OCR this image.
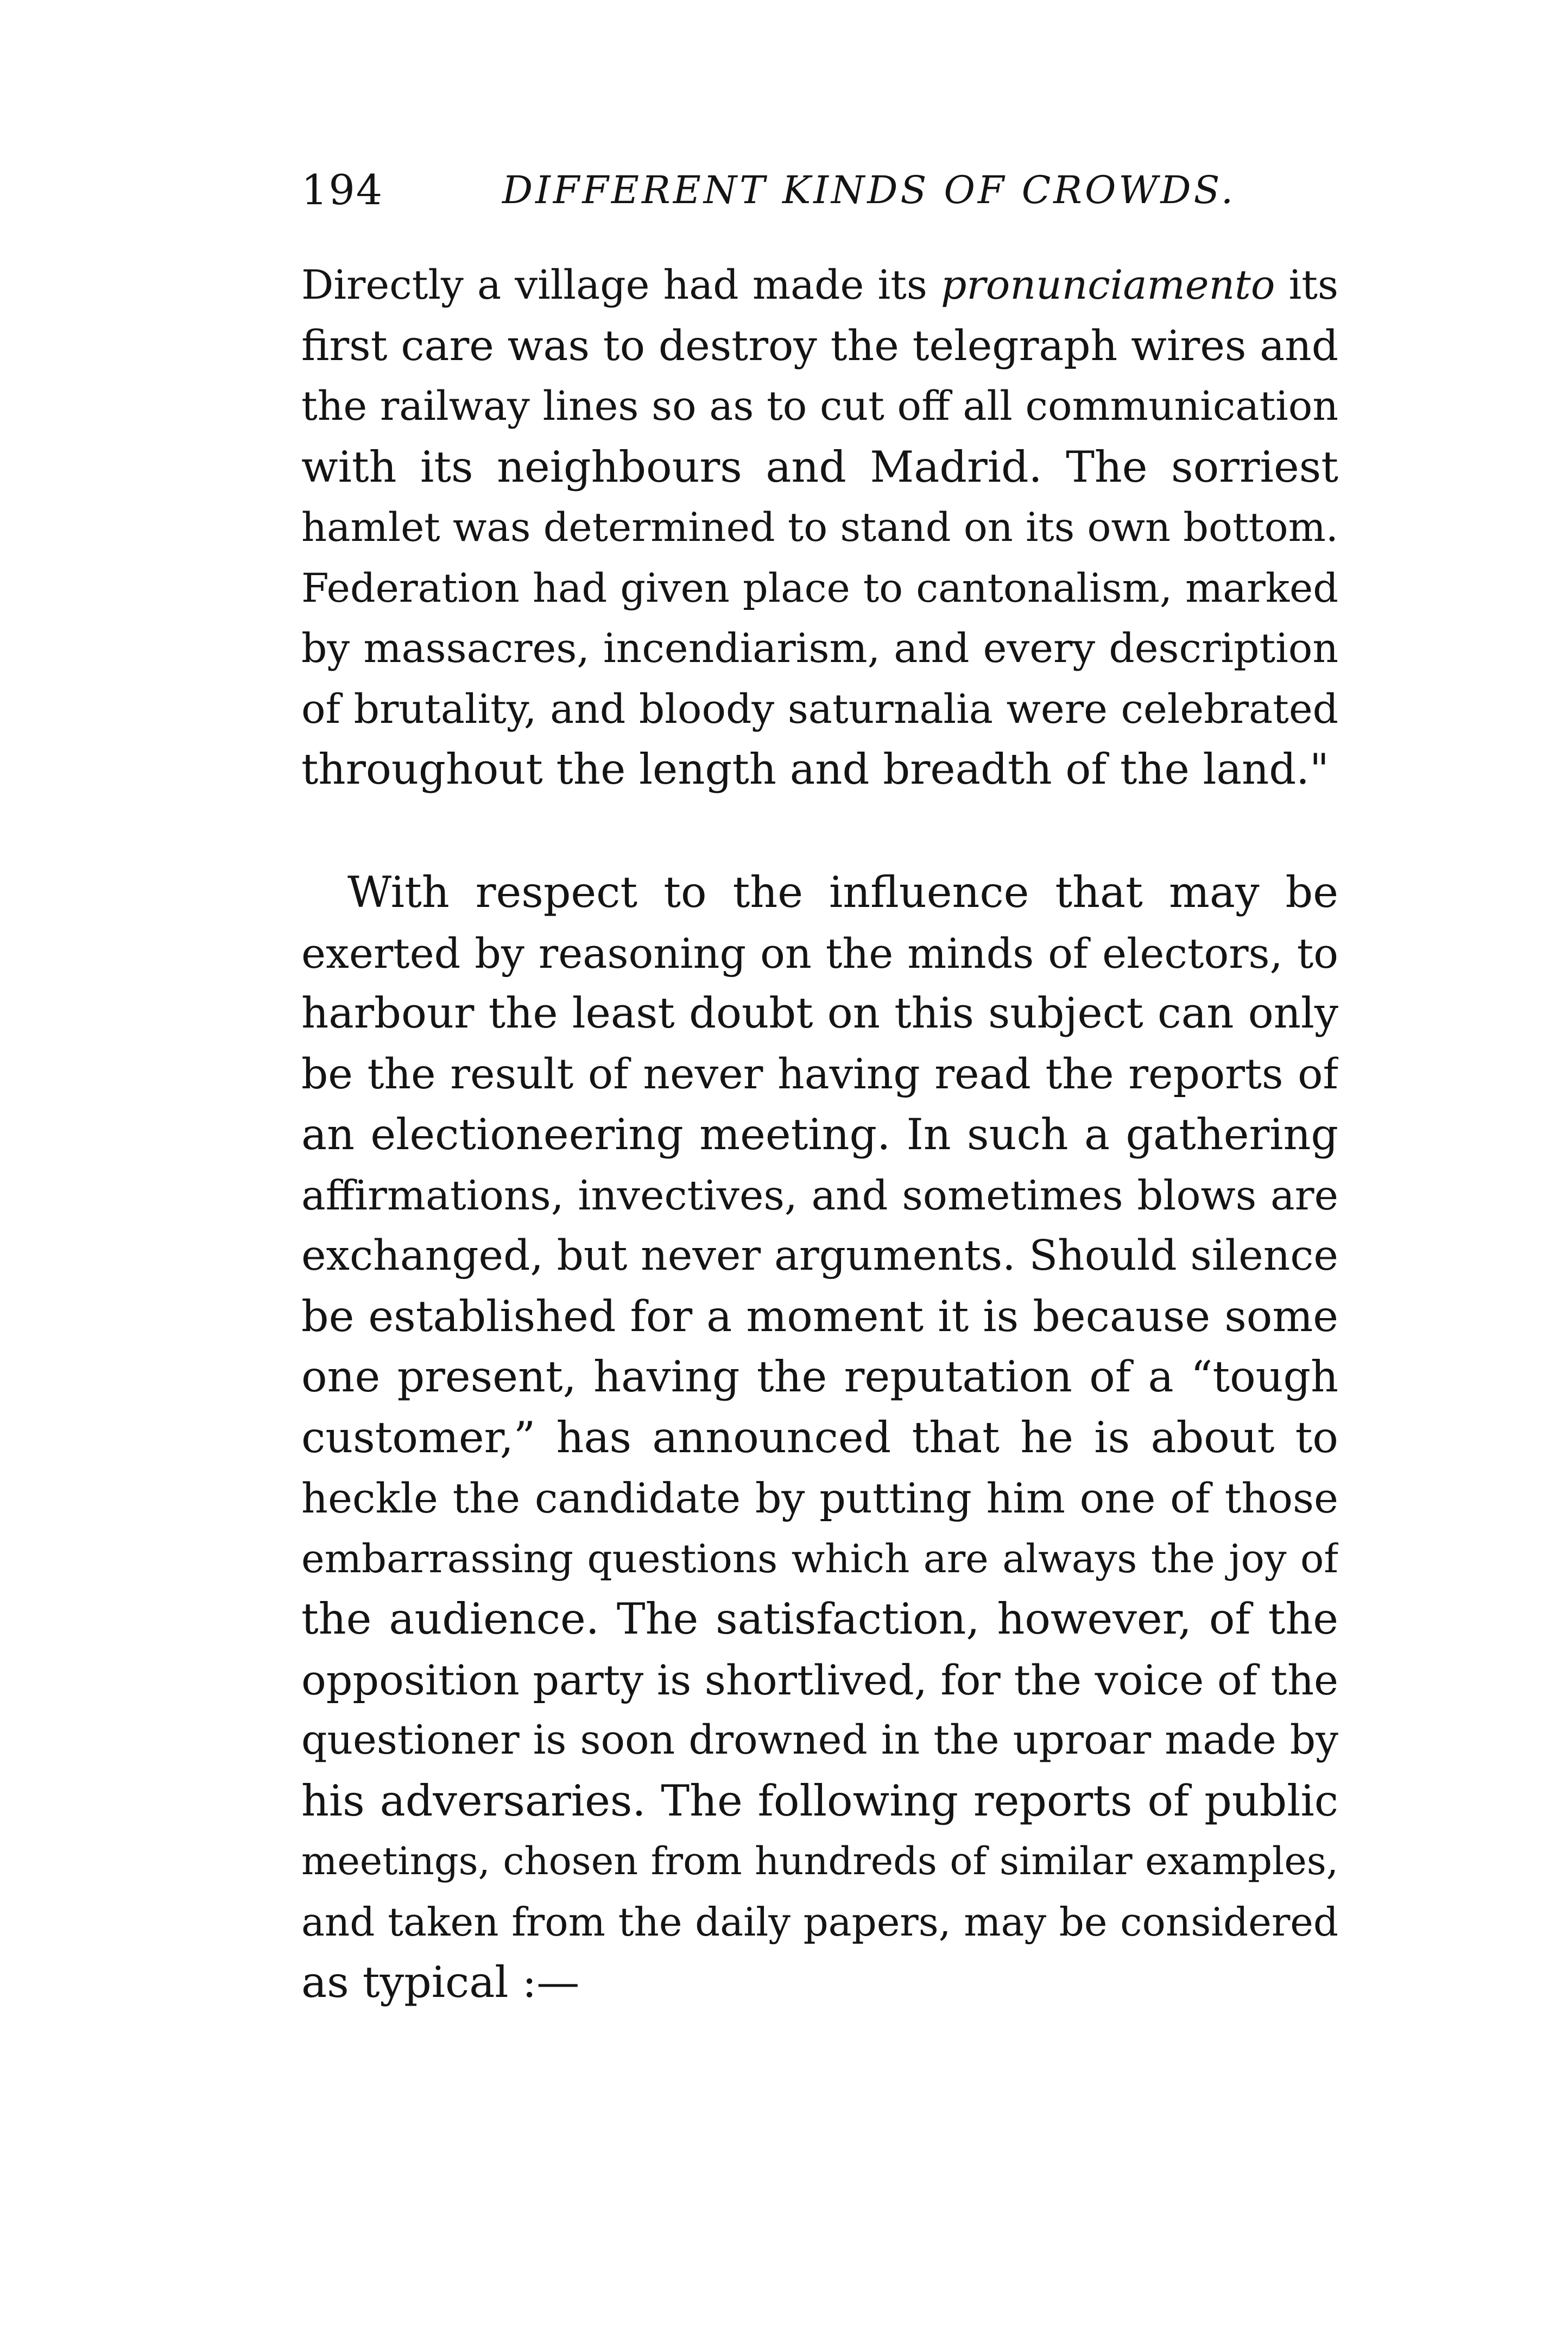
194	DIFFERENT KINDS OF CROWDS.
Directly a village had made its pronunciamento its
first care was to destroy the telegraph wires and
the railway lines so as to cut off all communication
with its neighbours and Madrid. The sorriest
hamlet was determined to stand on its own bottom.
Federation had given place to cantonalism, marked
by massacres, incendiarism, and every description
of brutality, and bloody saturnalia were celebrated
throughout the length and breadth of the land."
With respect to the influence that may be
exerted by reasoning on the minds of electors, to
harbour the least doubt on this subject can only
be the result of never having read the reports of
an electioneering meeting. In such a gathering
affirmations, invectives, and sometimes blows are
exchanged, but never arguments. Should silence
be established for a moment it is because some
one present, having the reputation of a “tough
customer,” has announced that he is about to
heckle the candidate by putting him one of those
embarrassing questions which are always the joy of
the audience. The satisfaction, however, of the
opposition party is shortlived, for the voice of the
questioner is soon drowned in the uproar made by
his adversaries. The following reports of public
meetings, chosen from hundreds of similar examples,
and taken from the daily papers, may be considered
as typical :—
